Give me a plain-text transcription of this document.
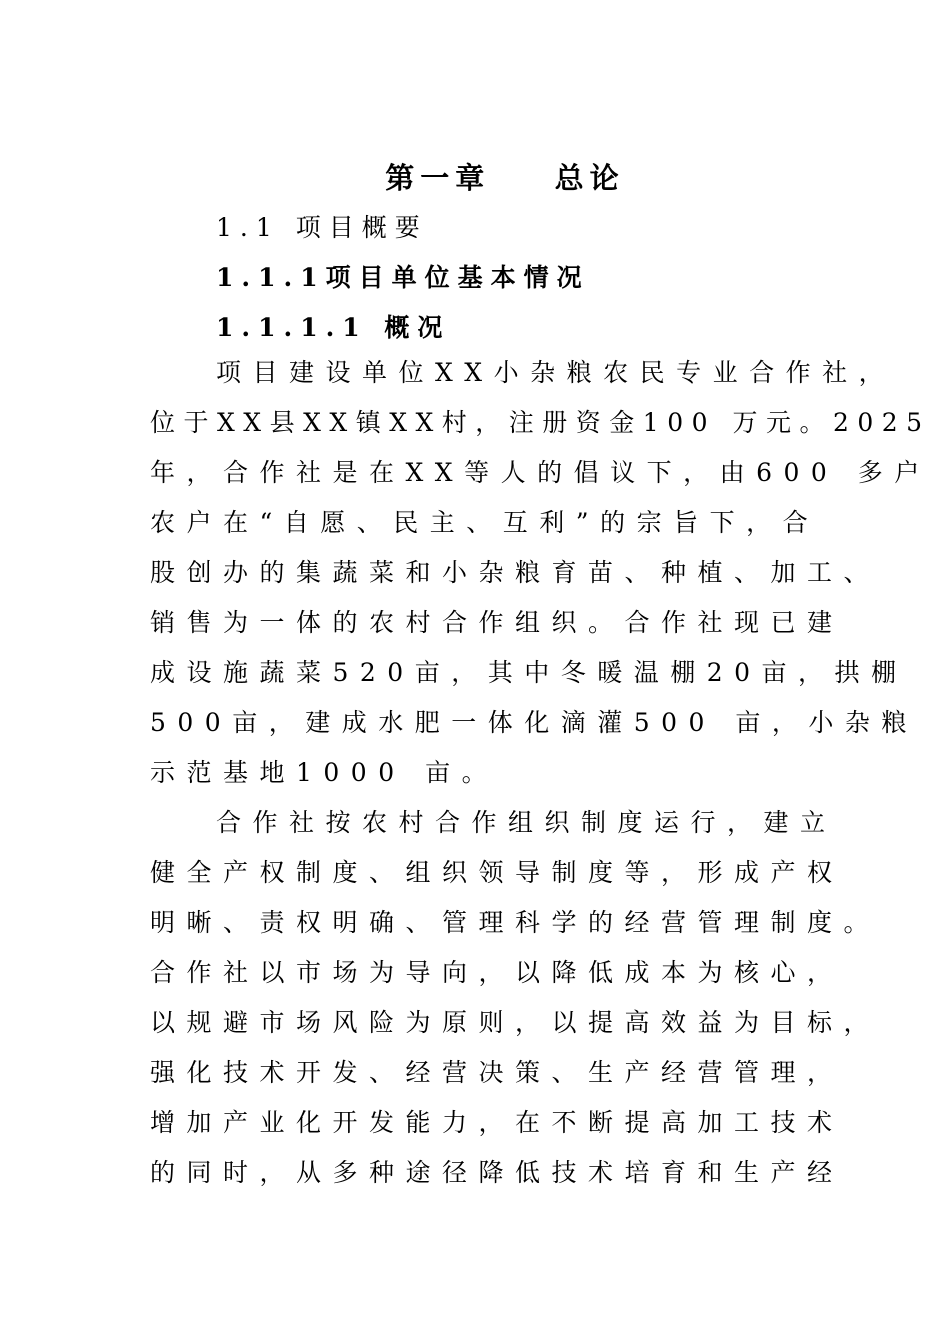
第一章    总论
1.1 项目概要
1.1.1项目单位基本情况
1.1.1.1 概况
项目建设单位XX小杂粮农民专业合作社，
位于XX县XX镇XX村，注册资金100 万元。2025
年，合作社是在XX等人的倡议下，由600 多户
农户在“自愿、民主、互利”的宗旨下，合
股创办的集蔬菜和小杂粮育苗、种植、加工、
销售为一体的农村合作组织。合作社现已建
成设施蔬菜520亩，其中冬暖温棚20亩，拱棚
500亩，建成水肥一体化滴灌500 亩，小杂粮
示范基地1000 亩。
合作社按农村合作组织制度运行，建立
健全产权制度、组织领导制度等，形成产权
明晰、责权明确、管理科学的经营管理制度。
合作社以市场为导向，以降低成本为核心，
以规避市场风险为原则，以提高效益为目标，
强化技术开发、经营决策、生产经营管理，
增加产业化开发能力，在不断提高加工技术
的同时，从多种途径降低技术培育和生产经
